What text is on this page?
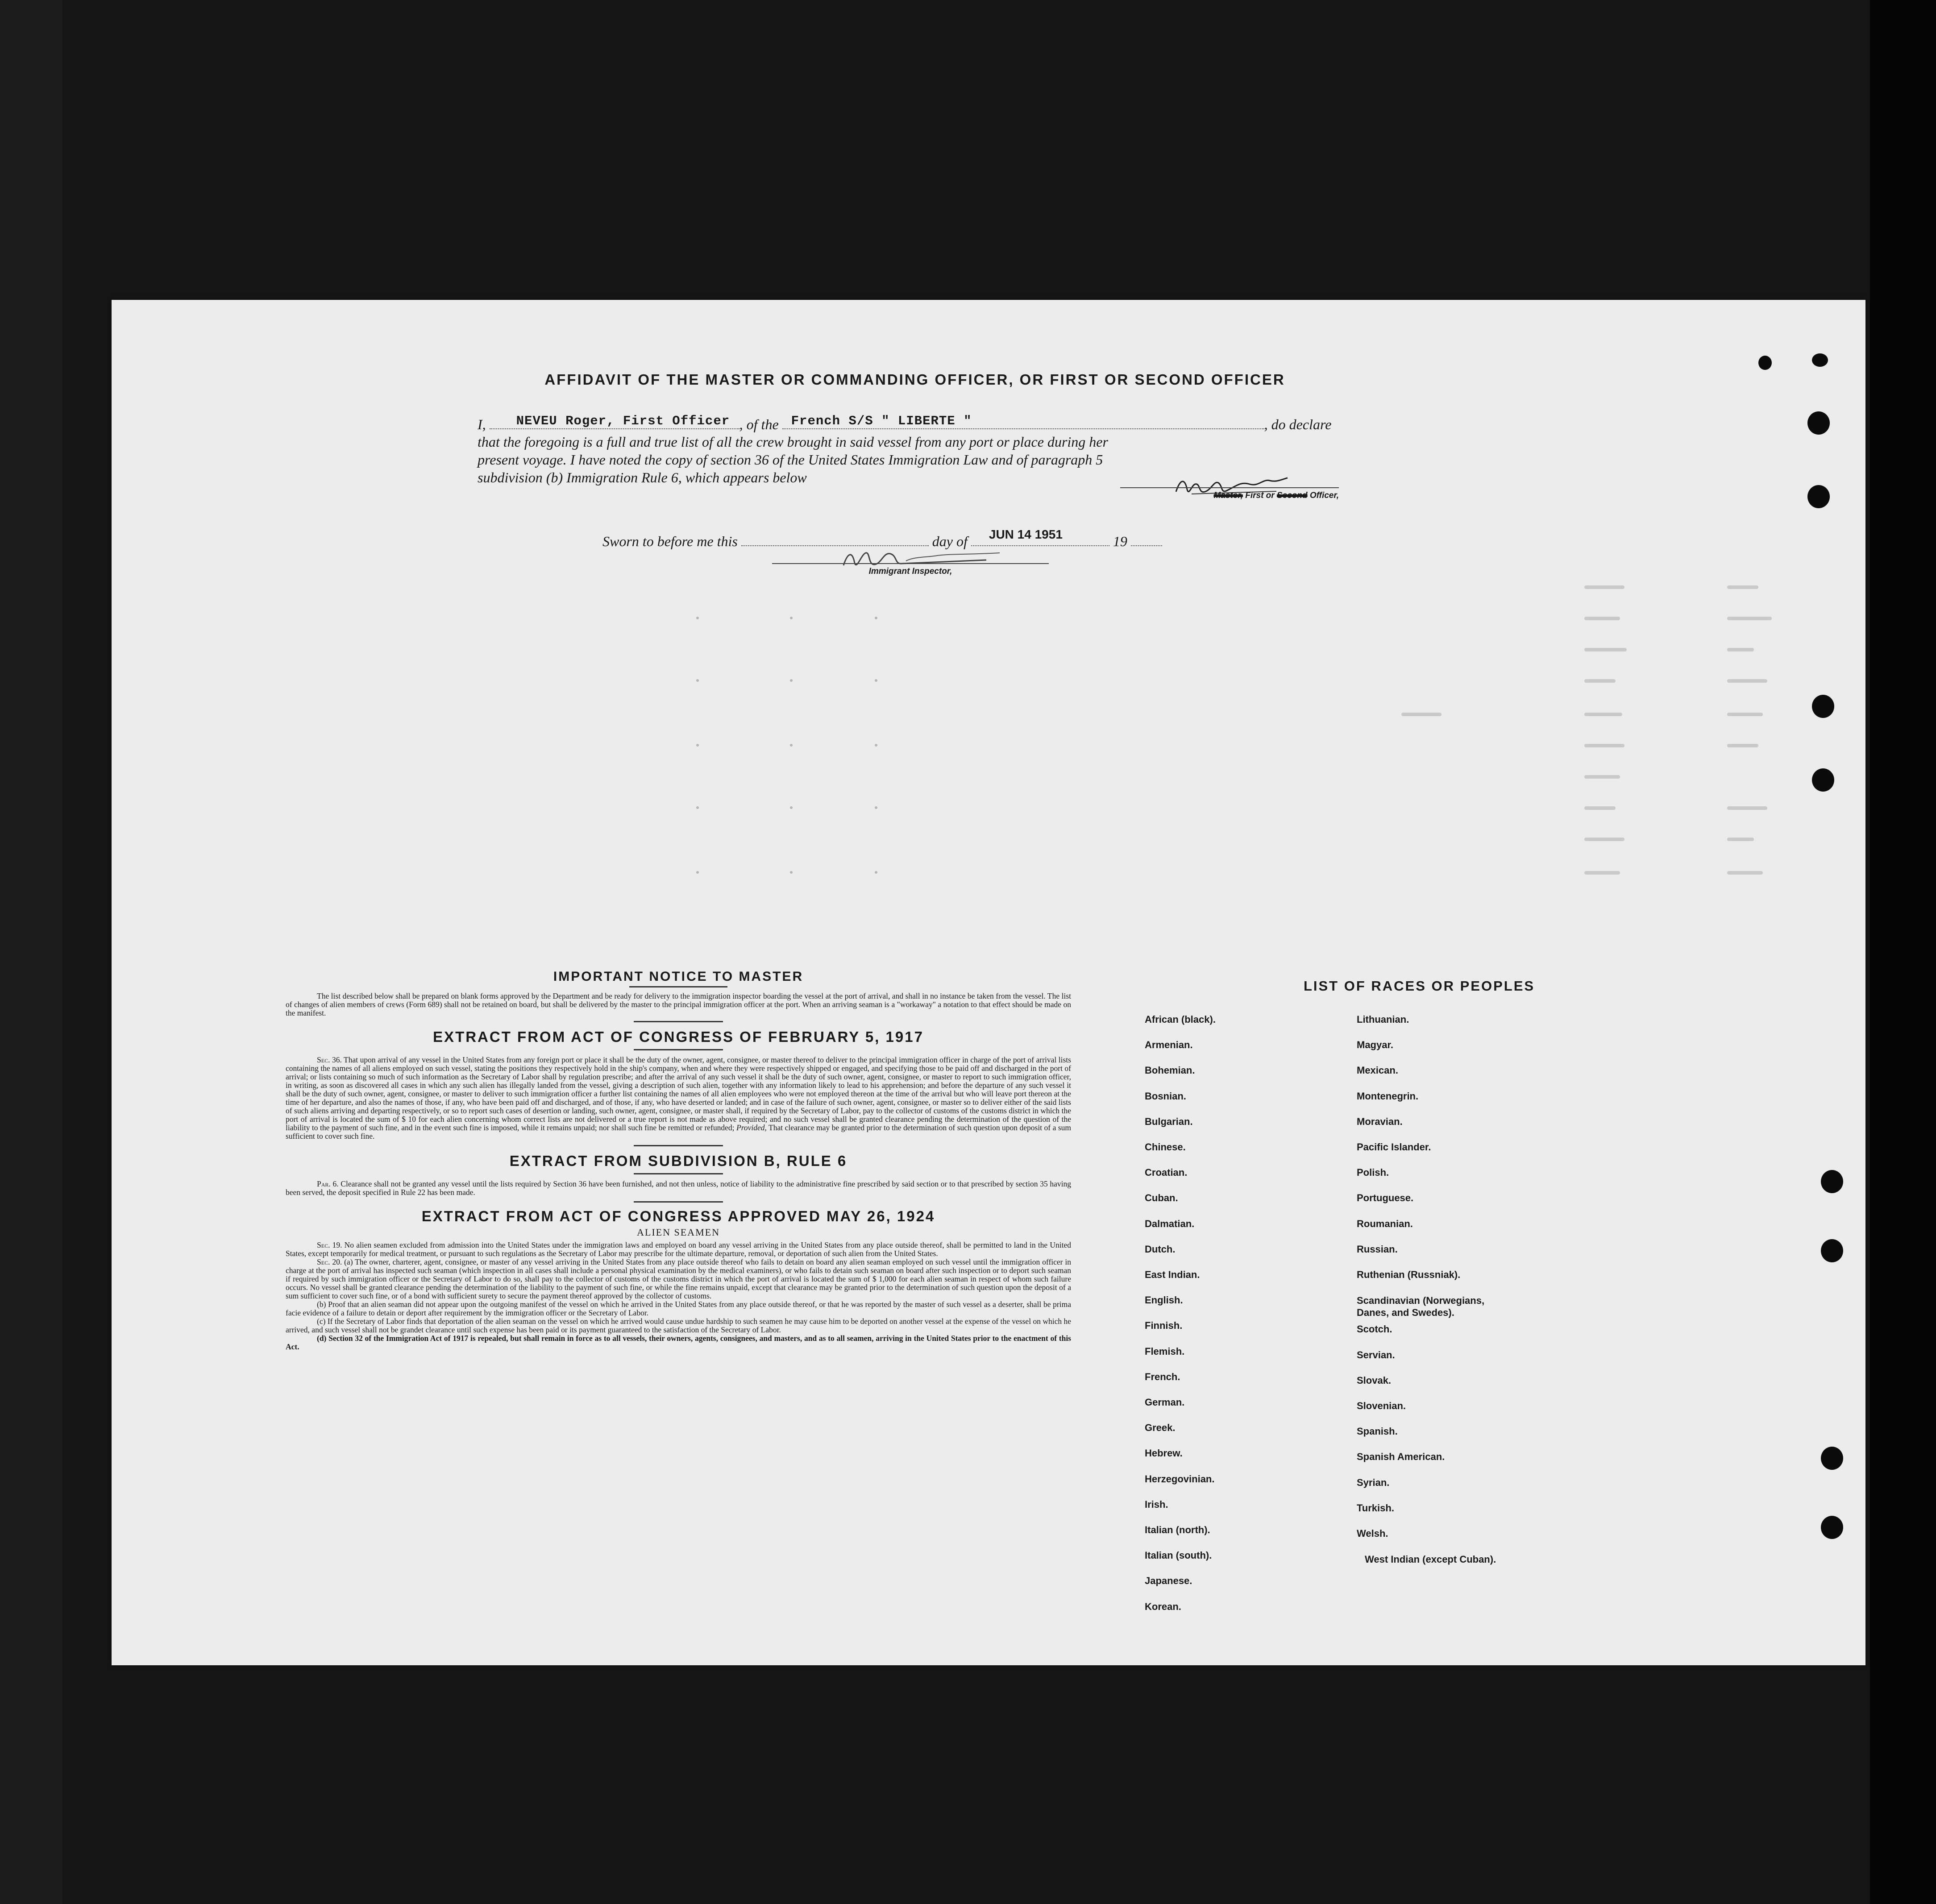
AFFIDAVIT OF THE MASTER OR COMMANDING OFFICER, OR FIRST OR SECOND OFFICER
I, NEVEU Roger, First Officer , of the French S/S " LIBERTE "	, do declare
that the foregoing is a full and true list of all the crew brought in said vessel from any port or place during her
present voyage. I have noted the copy of section 36 of the United States Immigration Law and of paragraph 5
subdivision (b) Immigration Rule 6, which appears below
Master, First or Second Officer,
Sworn to before me this	day of JUN 14 1951	19
Immigrant Inspector,
IMPORTANT NOTICE TO MASTER

The list described below shall be prepared on blank forms approved by the Department and be ready for delivery to the immigration inspector boarding the vessel at the port of arrival, and shall in no instance be taken from the vessel. The list of changes of alien members of crews (Form 689) shall not be retained on board, but shall be delivered by the master to the principal immigration officer at the port. When an arriving seaman is a "workaway" a notation to that effect should be made on the manifest.

EXTRACT FROM ACT OF CONGRESS OF FEBRUARY 5, 1917

Sec. 36. That upon arrival of any vessel in the United States from any foreign port or place it shall be the duty of the owner, agent, consignee, or master thereof to deliver to the principal immigration officer in charge of the port of arrival lists containing the names of all aliens employed on such vessel, stating the positions they respectively hold in the ship's company, when and where they were respectively shipped or engaged, and specifying those to be paid off and discharged in the port of arrival; or lists containing so much of such information as the Secretary of Labor shall by regulation prescribe; and after the arrival of any such vessel it shall be the duty of such owner, agent, consignee, or master to report to such immigration officer, in writing, as soon as discovered all cases in which any such alien has illegally landed from the vessel, giving a description of such alien, together with any information likely to lead to his apprehension; and before the departure of any such vessel it shall be the duty of such owner, agent, consignee, or master to deliver to such immigration officer a further list containing the names of all alien employees who were not employed thereon at the time of the arrival but who will leave port thereon at the time of her departure, and also the names of those, if any, who have been paid off and discharged, and of those, if any, who have deserted or landed; and in case of the failure of such owner, agent, consignee, or master so to deliver either of the said lists of such aliens arriving and departing respectively, or so to report such cases of desertion or landing, such owner, agent, consignee, or master shall, if required by the Secretary of Labor, pay to the collector of customs of the customs district in which the port of arrival is located the sum of $ 10 for each alien concerning whom correct lists are not delivered or a true report is not made as above required; and no such vessel shall be granted clearance pending the determination of the question of the liability to the payment of such fine, and in the event such fine is imposed, while it remains unpaid; nor shall such fine be remitted or refunded; Provided, That clearance may be granted prior to the determination of such question upon deposit of a sum sufficient to cover such fine.

EXTRACT FROM SUBDIVISION B, RULE 6

Par. 6. Clearance shall not be granted any vessel until the lists required by Section 36 have been furnished, and not then unless, notice of liability to the administrative fine prescribed by said section or to that prescribed by section 35 having been served, the deposit specified in Rule 22 has been made.

EXTRACT FROM ACT OF CONGRESS APPROVED MAY 26, 1924
ALIEN SEAMEN

Sec. 19. No alien seamen excluded from admission into the United States under the immigration laws and employed on board any vessel arriving in the United States from any place outside thereof, shall be permitted to land in the United States, except temporarily for medical treatment, or pursuant to such regulations as the Secretary of Labor may prescribe for the ultimate departure, removal, or deportation of such alien from the United States.

Sec. 20. (a) The owner, charterer, agent, consignee, or master of any vessel arriving in the United States from any place outside thereof who fails to detain on board any alien seaman employed on such vessel until the immigration officer in charge at the port of arrival has inspected such seaman (which inspection in all cases shall include a personal physical examination by the medical examiners), or who fails to detain such seaman on board after such inspection or to deport such seaman if required by such immigration officer or the Secretary of Labor to do so, shall pay to the collector of customs of the customs district in which the port of arrival is located the sum of $ 1,000 for each alien seaman in respect of whom such failure occurs. No vessel shall be granted clearance pending the determination of the liability to the payment of such fine, or while the fine remains unpaid, except that clearance may be granted prior to the determination of such question upon the deposit of a sum sufficient to cover such fine, or of a bond with sufficient surety to secure the payment thereof approved by the collector of customs.

(b) Proof that an alien seaman did not appear upon the outgoing manifest of the vessel on which he arrived in the United States from any place outside thereof, or that he was reported by the master of such vessel as a deserter, shall be prima facie evidence of a failure to detain or deport after requirement by the immigration officer or the Secretary of Labor.

(c) If the Secretary of Labor finds that deportation of the alien seaman on the vessel on which he arrived would cause undue hardship to such seamen he may cause him to be deported on another vessel at the expense of the vessel on which he arrived, and such vessel shall not be grandet clearance until such expense has been paid or its payment guaranteed to the satisfaction of the Secretary of Labor.

(d) Section 32 of the Immigration Act of 1917 is repealed, but shall remain in force as to all vessels, their owners, agents, consignees, and masters, and as to all seamen, arriving in the United States prior to the enactment of this Act.

LIST OF RACES OR PEOPLES
African (black).
Armenian.
Bohemian.
Bosnian.
Bulgarian.
Chinese.
Croatian.
Cuban.
Dalmatian.
Dutch.
East Indian.
English.
Finnish.
Flemish.
French.
German.
Greek.
Hebrew.
Herzegovinian.
Irish.
Italian (north).
Italian (south).
Japanese.
Korean.
Lithuanian.
Magyar.
Mexican.
Montenegrin.
Moravian.
Pacific Islander.
Polish.
Portuguese.
Roumanian.
Russian.
Ruthenian (Russniak).
Scandinavian (Norwegians, Danes, and Swedes).
Scotch.
Servian.
Slovak.
Slovenian.
Spanish.
Spanish American.
Syrian.
Turkish.
Welsh.
West Indian (except Cuban).
